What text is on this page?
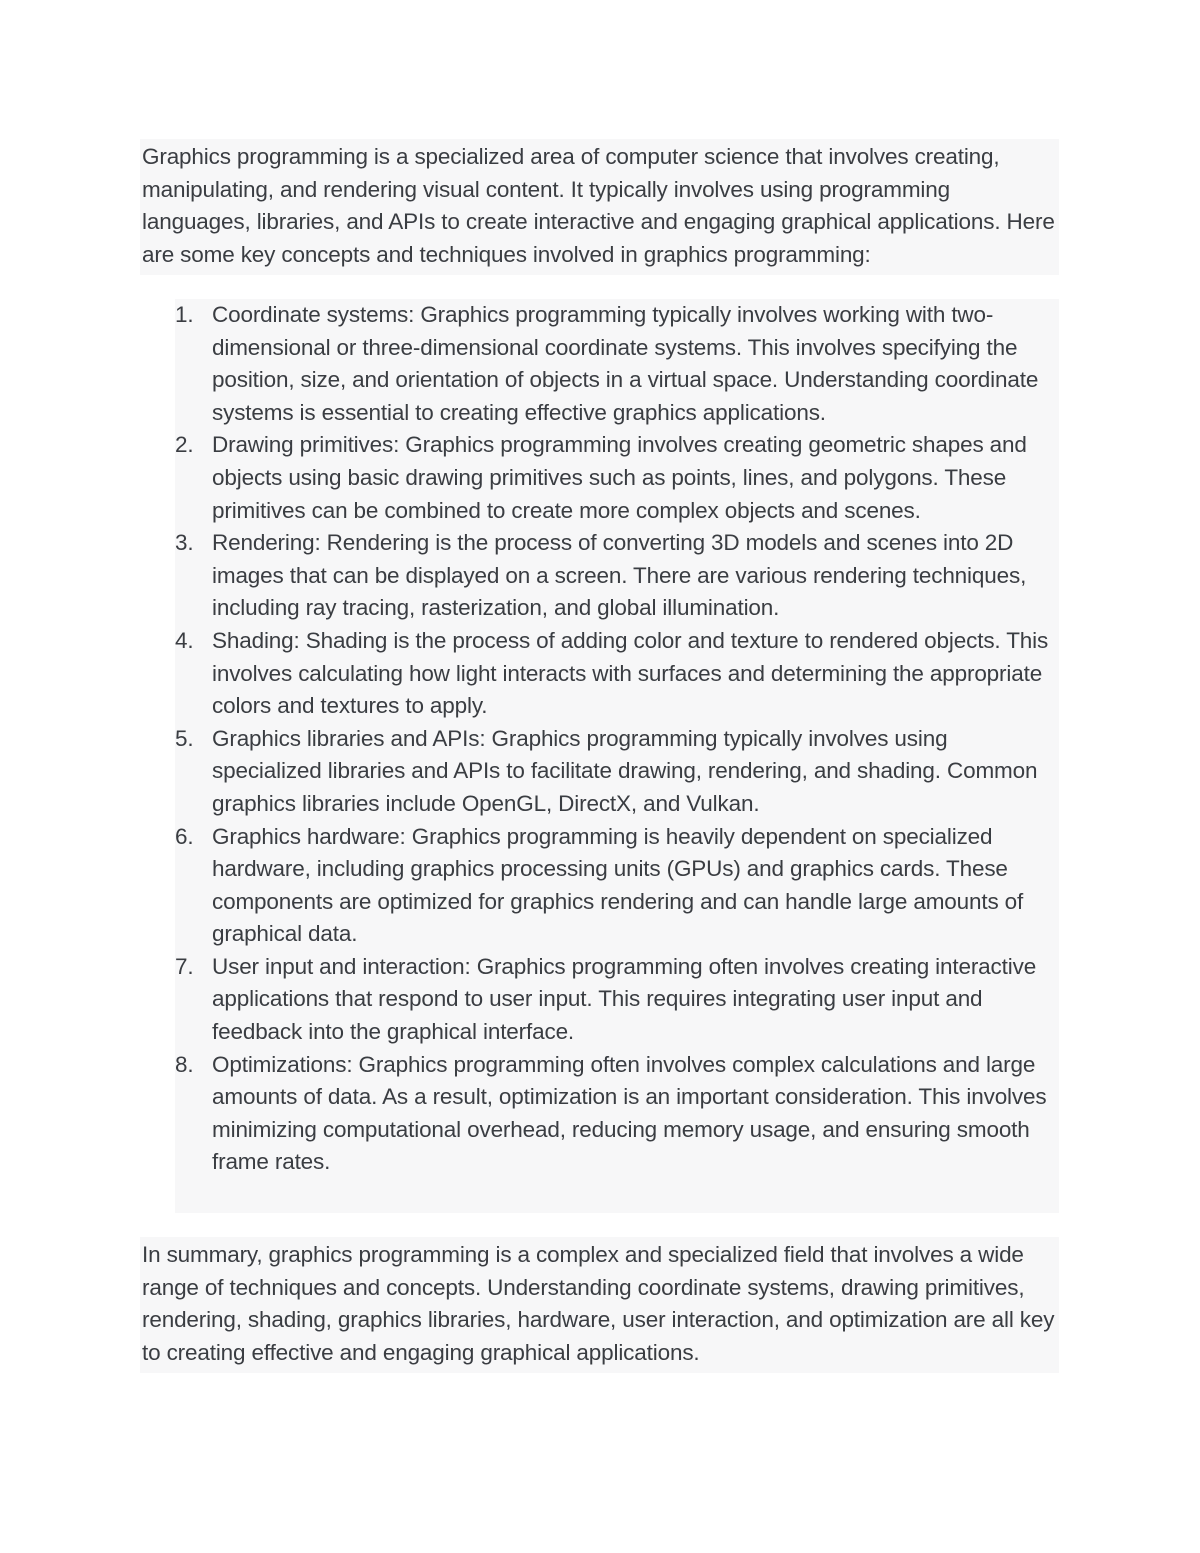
Graphics programming is a specialized area of computer science that involves creating, manipulating, and rendering visual content. It typically involves using programming languages, libraries, and APIs to create interactive and engaging graphical applications. Here are some key concepts and techniques involved in graphics programming:

1. Coordinate systems: Graphics programming typically involves working with two-dimensional or three-dimensional coordinate systems. This involves specifying the position, size, and orientation of objects in a virtual space. Understanding coordinate systems is essential to creating effective graphics applications.
2. Drawing primitives: Graphics programming involves creating geometric shapes and objects using basic drawing primitives such as points, lines, and polygons. These primitives can be combined to create more complex objects and scenes.
3. Rendering: Rendering is the process of converting 3D models and scenes into 2D images that can be displayed on a screen. There are various rendering techniques, including ray tracing, rasterization, and global illumination.
4. Shading: Shading is the process of adding color and texture to rendered objects. This involves calculating how light interacts with surfaces and determining the appropriate colors and textures to apply.
5. Graphics libraries and APIs: Graphics programming typically involves using specialized libraries and APIs to facilitate drawing, rendering, and shading. Common graphics libraries include OpenGL, DirectX, and Vulkan.
6. Graphics hardware: Graphics programming is heavily dependent on specialized hardware, including graphics processing units (GPUs) and graphics cards. These components are optimized for graphics rendering and can handle large amounts of graphical data.
7. User input and interaction: Graphics programming often involves creating interactive applications that respond to user input. This requires integrating user input and feedback into the graphical interface.
8. Optimizations: Graphics programming often involves complex calculations and large amounts of data. As a result, optimization is an important consideration. This involves minimizing computational overhead, reducing memory usage, and ensuring smooth frame rates.

In summary, graphics programming is a complex and specialized field that involves a wide range of techniques and concepts. Understanding coordinate systems, drawing primitives, rendering, shading, graphics libraries, hardware, user interaction, and optimization are all key to creating effective and engaging graphical applications.
